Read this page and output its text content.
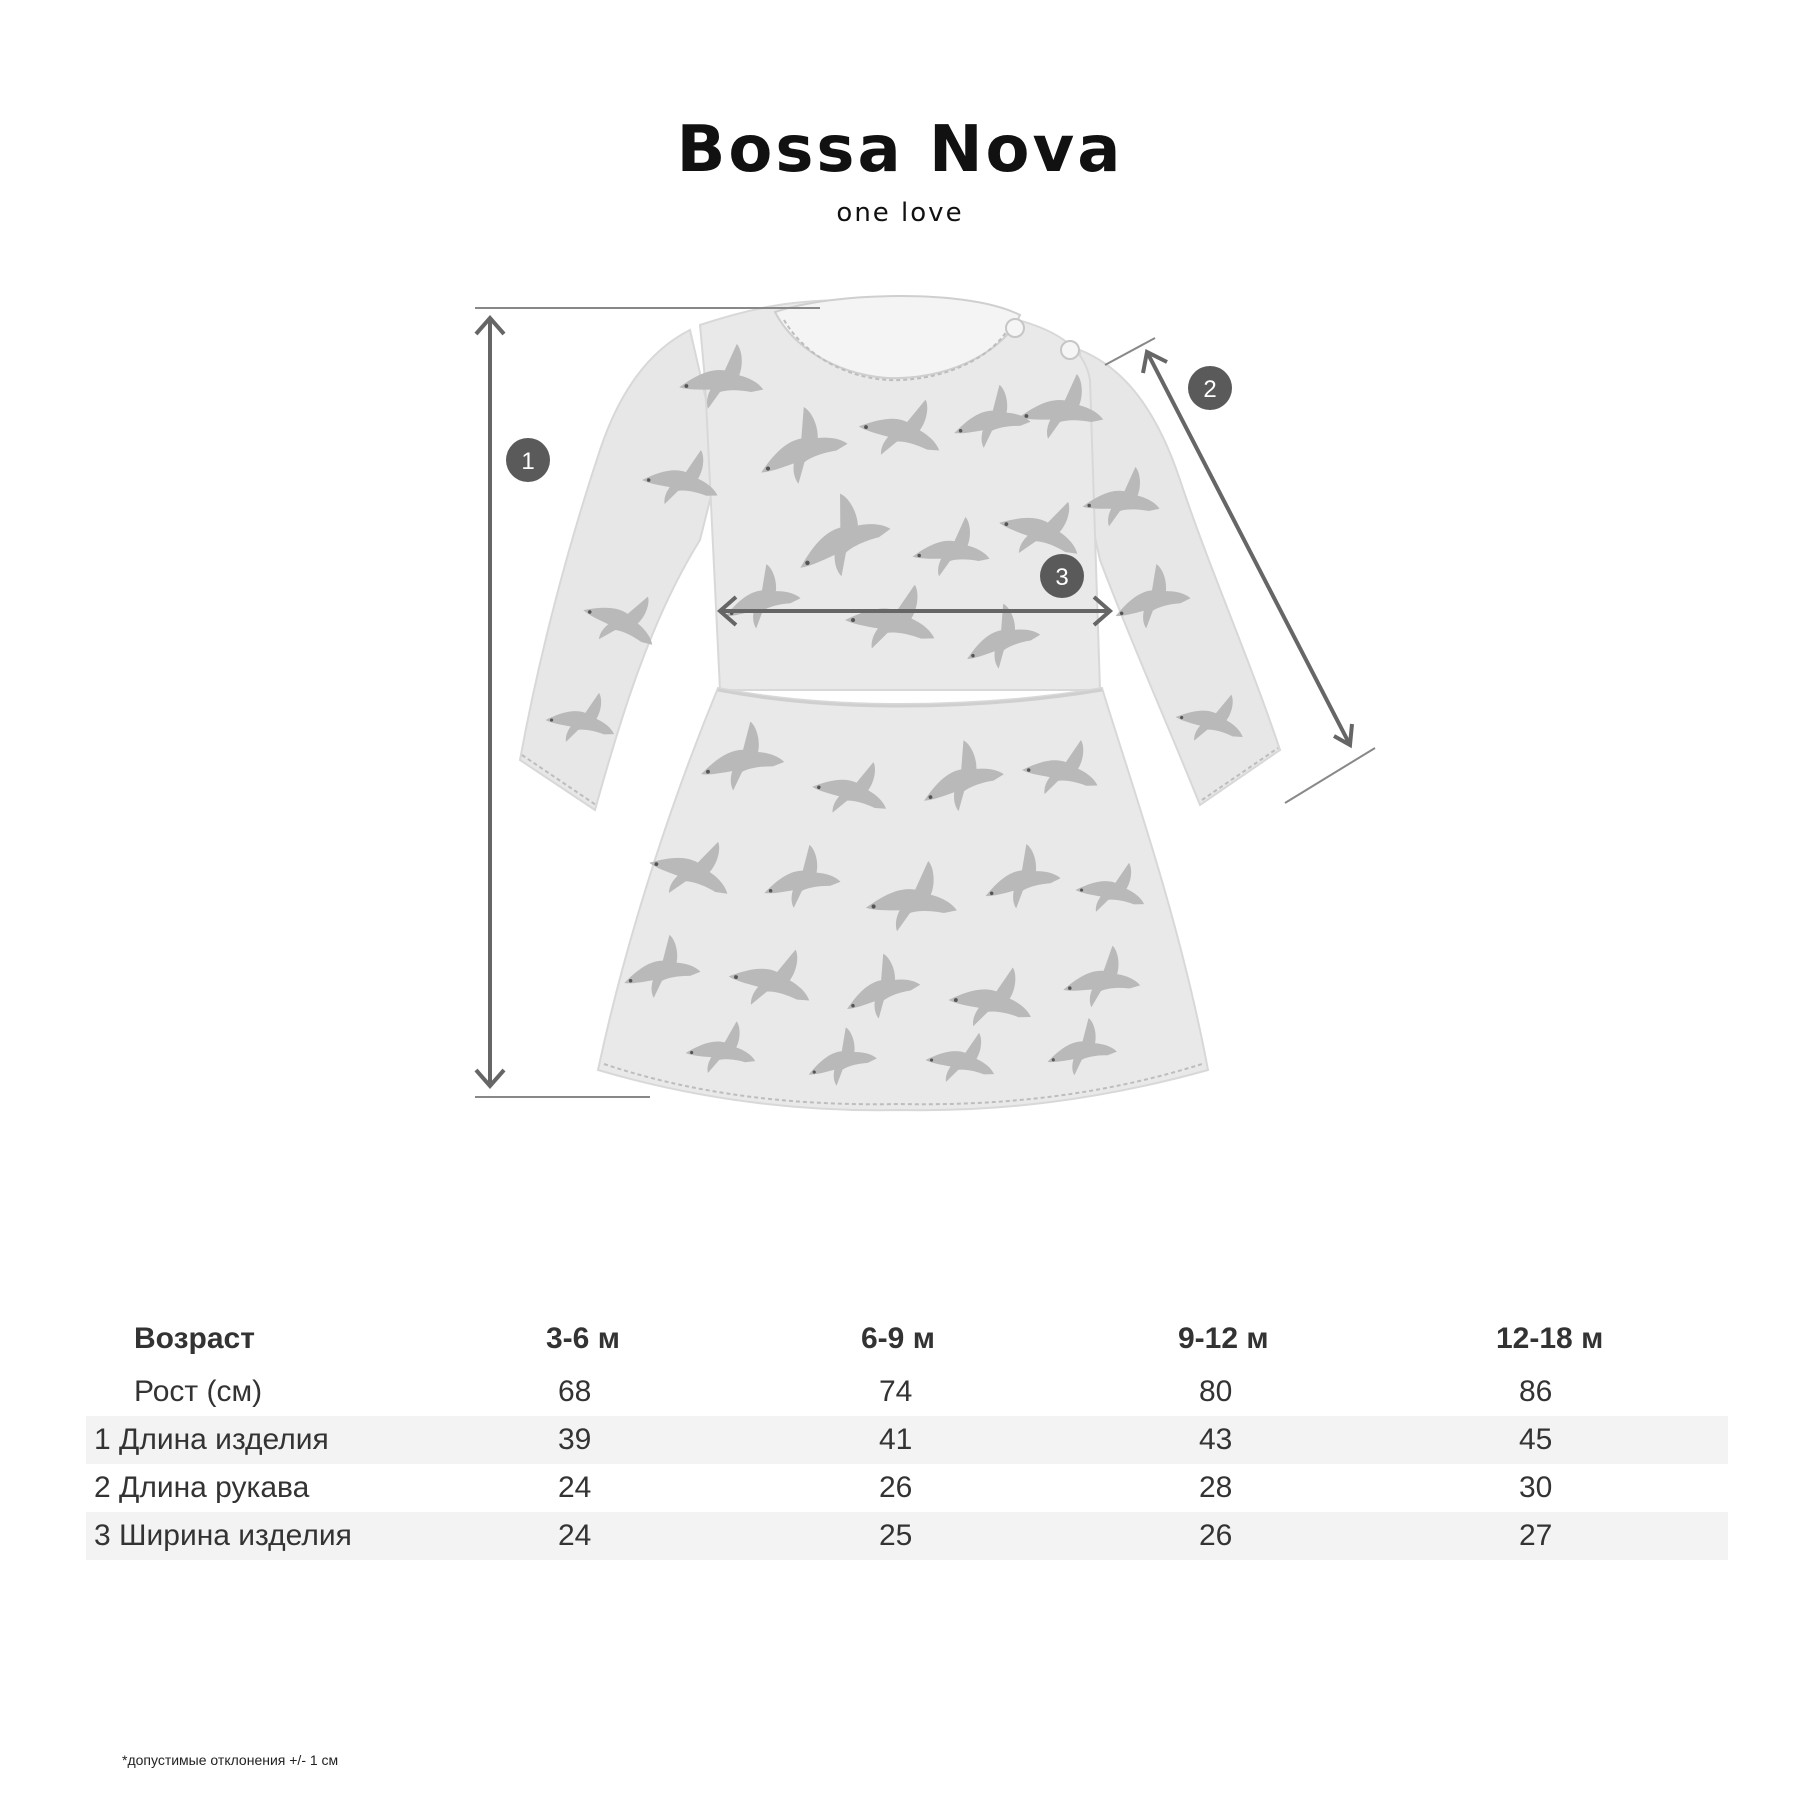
Bossa Nova
one love
1
2
3
Возраст	3-6 м	6-9 м	9-12 м	12-18 м
Рост (см)	68	74	80	86
1 Длина изделия	39	41	43	45
2 Длина рукава	24	26	28	30
3 Ширина изделия	24	25	26	27
*допустимые отклонения +/- 1 см
